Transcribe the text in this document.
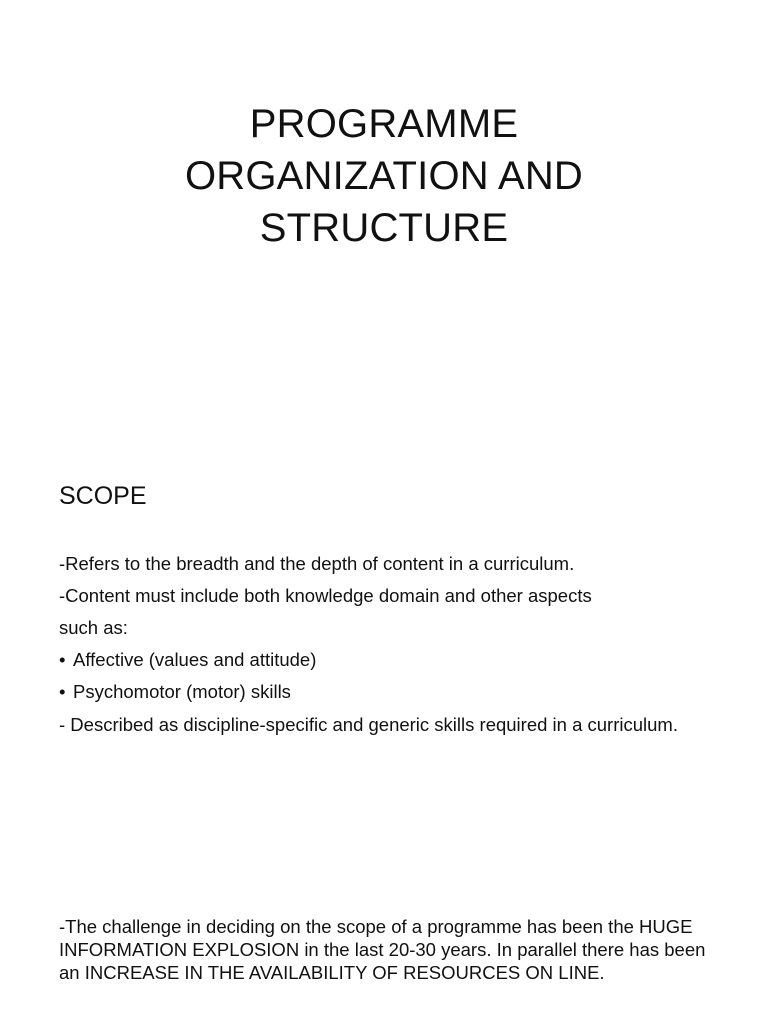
PROGRAMME
ORGANIZATION AND
STRUCTURE
SCOPE
-Refers to the breadth and the depth of content in a curriculum.
-Content must include both knowledge domain and other aspects
such as:
• Affective (values and attitude)
• Psychomotor (motor) skills
- Described as discipline-specific and generic skills required in a curriculum.
-The challenge in deciding on the scope of a programme has been the HUGE INFORMATION EXPLOSION in the last 20-30 years. In parallel there has been an INCREASE IN THE AVAILABILITY OF RESOURCES ON LINE.
